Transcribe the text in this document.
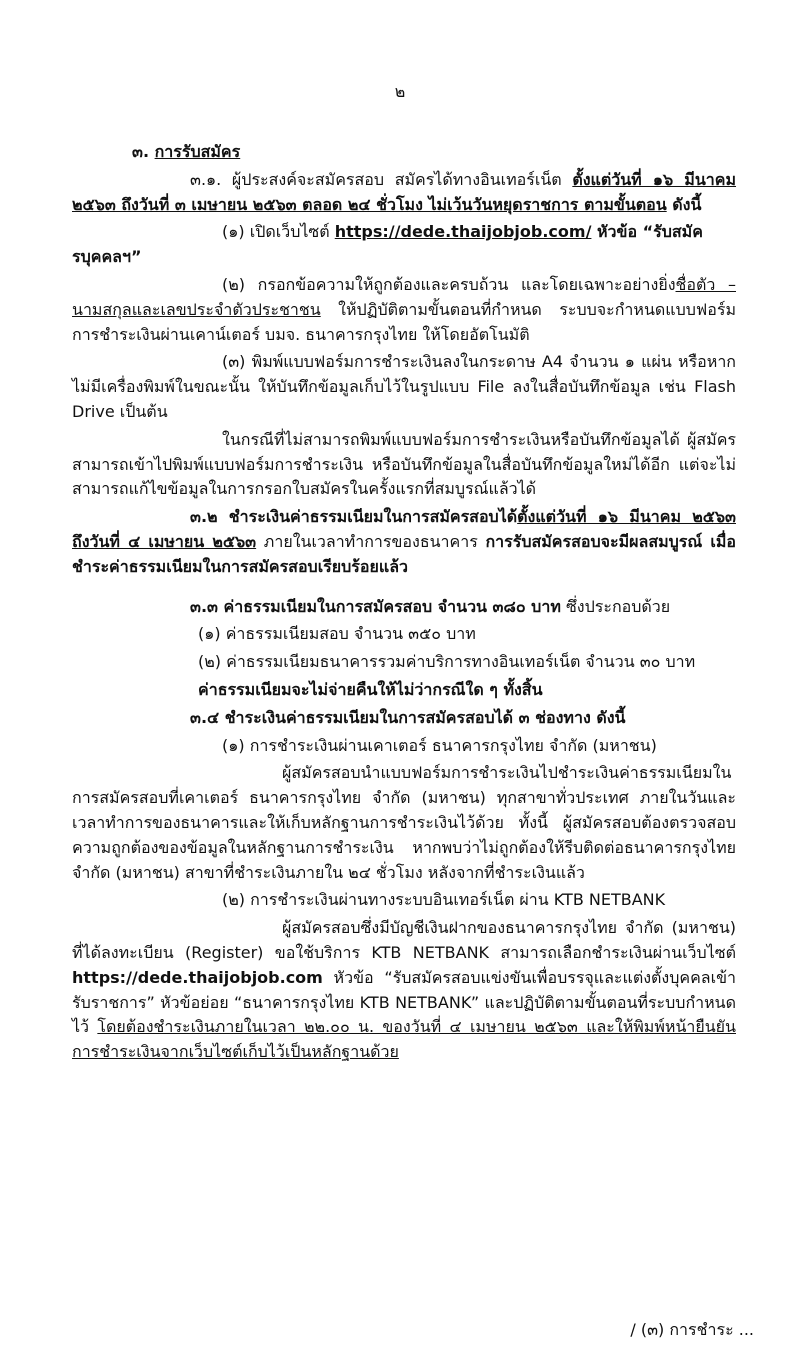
๒

๓. การรับสมัคร

๓.๑. ผู้ประสงค์จะสมัครสอบ สมัครได้ทางอินเทอร์เน็ต ตั้งแต่วันที่ ๑๖ มีนาคม ๒๕๖๓ ถึงวันที่ ๓ เมษายน ๒๕๖๓ ตลอด ๒๔ ชั่วโมง ไม่เว้นวันหยุดราชการ ตามขั้นตอน ดังนี้

(๑) เปิดเว็บไซต์ https://dede.thaijobjob.com/ หัวข้อ “รับสมัครบุคคลฯ”

(๒) กรอกข้อความให้ถูกต้องและครบถ้วน และโดยเฉพาะอย่างยิ่งชื่อตัว – นามสกุลและเลขประจำตัวประชาชน ให้ปฏิบัติตามขั้นตอนที่กำหนด ระบบจะกำหนดแบบฟอร์มการชำระเงินผ่านเคาน์เตอร์ บมจ. ธนาคารกรุงไทย ให้โดยอัตโนมัติ

(๓) พิมพ์แบบฟอร์มการชำระเงินลงในกระดาษ A4 จำนวน ๑ แผ่น หรือหากไม่มีเครื่องพิมพ์ในขณะนั้น ให้บันทึกข้อมูลเก็บไว้ในรูปแบบ File ลงในสื่อบันทึกข้อมูล เช่น Flash Drive เป็นต้น

ในกรณีที่ไม่สามารถพิมพ์แบบฟอร์มการชำระเงินหรือบันทึกข้อมูลได้ ผู้สมัครสามารถเข้าไปพิมพ์แบบฟอร์มการชำระเงิน หรือบันทึกข้อมูลในสื่อบันทึกข้อมูลใหม่ได้อีก แต่จะไม่สามารถแก้ไขข้อมูลในการกรอกใบสมัครในครั้งแรกที่สมบูรณ์แล้วได้

๓.๒ ชำระเงินค่าธรรมเนียมในการสมัครสอบได้ตั้งแต่วันที่ ๑๖ มีนาคม ๒๕๖๓ ถึงวันที่ ๔ เมษายน ๒๕๖๓ ภายในเวลาทำการของธนาคาร การรับสมัครสอบจะมีผลสมบูรณ์ เมื่อชำระค่าธรรมเนียมในการสมัครสอบเรียบร้อยแล้ว

๓.๓ ค่าธรรมเนียมในการสมัครสอบ จำนวน ๓๘๐ บาท ซึ่งประกอบด้วย

(๑) ค่าธรรมเนียมสอบ จำนวน ๓๕๐ บาท

(๒) ค่าธรรมเนียมธนาคารรวมค่าบริการทางอินเทอร์เน็ต จำนวน ๓๐ บาท

ค่าธรรมเนียมจะไม่จ่ายคืนให้ไม่ว่ากรณีใด ๆ ทั้งสิ้น

๓.๔ ชำระเงินค่าธรรมเนียมในการสมัครสอบได้ ๓ ช่องทาง ดังนี้

(๑) การชำระเงินผ่านเคาเตอร์ ธนาคารกรุงไทย จำกัด (มหาชน)

ผู้สมัครสอบนำแบบฟอร์มการชำระเงินไปชำระเงินค่าธรรมเนียมในการสมัครสอบที่เคาเตอร์ ธนาคารกรุงไทย จำกัด (มหาชน) ทุกสาขาทั่วประเทศ ภายในวันและเวลาทำการของธนาคารและให้เก็บหลักฐานการชำระเงินไว้ด้วย ทั้งนี้ ผู้สมัครสอบต้องตรวจสอบความถูกต้องของข้อมูลในหลักฐานการชำระเงิน หากพบว่าไม่ถูกต้องให้รีบติดต่อธนาคารกรุงไทย จำกัด (มหาชน) สาขาที่ชำระเงินภายใน ๒๔ ชั่วโมง หลังจากที่ชำระเงินแล้ว

(๒) การชำระเงินผ่านทางระบบอินเทอร์เน็ต ผ่าน KTB NETBANK

ผู้สมัครสอบซึ่งมีบัญชีเงินฝากของธนาคารกรุงไทย จำกัด (มหาชน) ที่ได้ลงทะเบียน (Register) ขอใช้บริการ KTB NETBANK สามารถเลือกชำระเงินผ่านเว็บไซต์ https://dede.thaijobjob.com หัวข้อ “รับสมัครสอบแข่งขันเพื่อบรรจุและแต่งตั้งบุคคลเข้ารับราชการ” หัวข้อย่อย “ธนาคารกรุงไทย KTB NETBANK” และปฏิบัติตามขั้นตอนที่ระบบกำหนดไว้ โดยต้องชำระเงินภายในเวลา ๒๒.๐๐ น. ของวันที่ ๔ เมษายน ๒๕๖๓ และให้พิมพ์หน้ายืนยันการชำระเงินจากเว็บไซต์เก็บไว้เป็นหลักฐานด้วย

/ (๓) การชำระ ...
